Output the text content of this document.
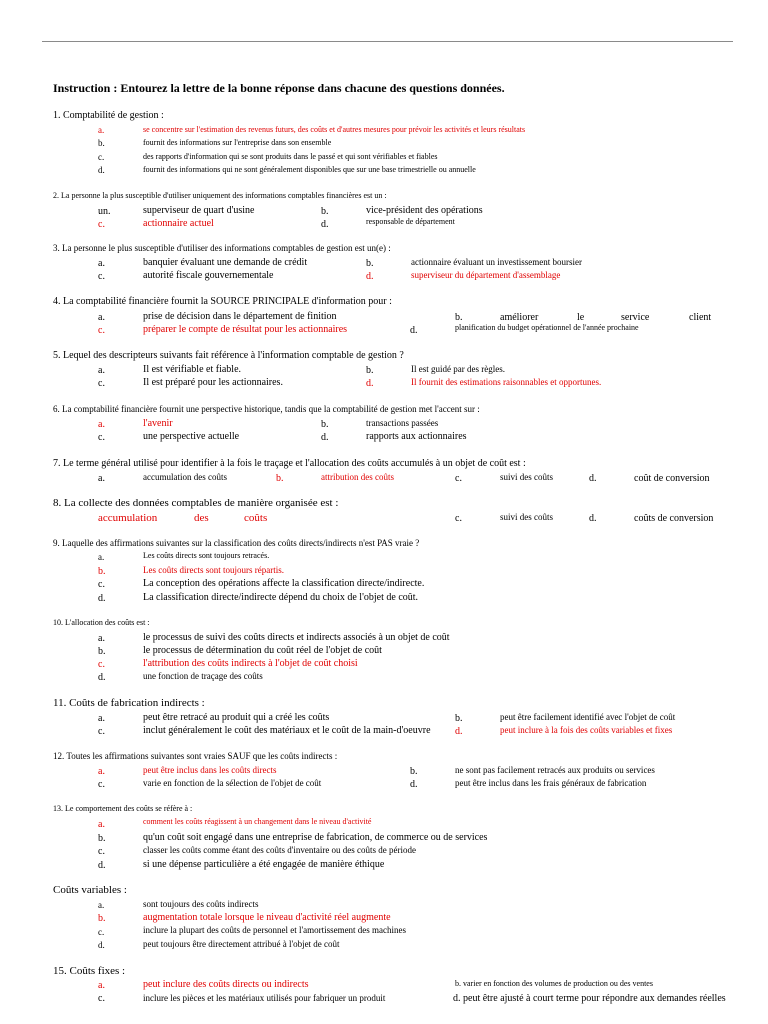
Instruction : Entourez la lettre de la bonne réponse dans chacune des questions données.
1. Comptabilité de gestion :
a.	se concentre sur l'estimation des revenus futurs, des coûts et d'autres mesures pour prévoir les activités et leurs résultats
b.	fournit des informations sur l'entreprise dans son ensemble
c.	des rapports d'information qui se sont produits dans le passé et qui sont vérifiables et fiables
d.	fournit des informations qui ne sont généralement disponibles que sur une base trimestrielle ou annuelle
2. La personne la plus susceptible d'utiliser uniquement des informations comptables financières est un :
un.	superviseur de quart d'usine	b.	vice-président des opérations
c.	actionnaire actuel	d.	responsable de département
3. La personne le plus susceptible d'utiliser des informations comptables de gestion est un(e) :
a.	banquier évaluant une demande de crédit	b.	actionnaire évaluant un investissement boursier
c.	autorité fiscale gouvernementale	d.	superviseur du département d'assemblage
4. La comptabilité financière fournit la SOURCE PRINCIPALE d'information pour :
a.	prise de décision dans le département de finition	b.	améliorer	le	service	client
c.	préparer le compte de résultat pour les actionnaires	d.	planification du budget opérationnel de l'année prochaine
5. Lequel des descripteurs suivants fait référence à l'information comptable de gestion ?
a.	Il est vérifiable et fiable.	b.	Il est guidé par des règles.
c.	Il est préparé pour les actionnaires.	d.	Il fournit des estimations raisonnables et opportunes.
6. La comptabilité financière fournit une perspective historique, tandis que la comptabilité de gestion met l'accent sur :
a.	l'avenir	b.	transactions passées
c.	une perspective actuelle	d.	rapports aux actionnaires
7. Le terme général utilisé pour identifier à la fois le traçage et l'allocation des coûts accumulés à un objet de coût est :
a.	accumulation des coûts	b.	attribution des coûts	c.	suivi des coûts	d.	coût de conversion
8. La collecte des données comptables de manière organisée est :
accumulation	des	coûts	c.	suivi des coûts	d.	coûts de conversion
9. Laquelle des affirmations suivantes sur la classification des coûts directs/indirects n'est PAS vraie ?
a.	Les coûts directs sont toujours retracés.
b.	Les coûts directs sont toujours répartis.
c.	La conception des opérations affecte la classification directe/indirecte.
d.	La classification directe/indirecte dépend du choix de l'objet de coût.
10. L'allocation des coûts est :
a.	le processus de suivi des coûts directs et indirects associés à un objet de coût
b.	le processus de détermination du coût réel de l'objet de coût
c.	l'attribution des coûts indirects à l'objet de coût choisi
d.	une fonction de traçage des coûts
11. Coûts de fabrication indirects :
a.	peut être retracé au produit qui a créé les coûts	b.	peut être facilement identifié avec l'objet de coût
c.	inclut généralement le coût des matériaux et le coût de la main-d'oeuvre d.	peut inclure à la fois des coûts variables et fixes
12. Toutes les affirmations suivantes sont vraies SAUF que les coûts indirects :
a.	peut être inclus dans les coûts directs	b.	ne sont pas facilement retracés aux produits ou services
c.	varie en fonction de la sélection de l'objet de coût	d.	peut être inclus dans les frais généraux de fabrication
13. Le comportement des coûts se réfère à :
a.	comment les coûts réagissent à un changement dans le niveau d'activité
b.	qu'un coût soit engagé dans une entreprise de fabrication, de commerce ou de services
c.	classer les coûts comme étant des coûts d'inventaire ou des coûts de période
d.	si une dépense particulière a été engagée de manière éthique
Coûts variables :
a.	sont toujours des coûts indirects
b.	augmentation totale lorsque le niveau d'activité réel augmente
c.	inclure la plupart des coûts de personnel et l'amortissement des machines
d.	peut toujours être directement attribué à l'objet de coût
15. Coûts fixes :
a.	peut inclure des coûts directs ou indirects	b. varier en fonction des volumes de production ou des ventes
c.	inclure les pièces et les matériaux utilisés pour fabriquer un produit	d. peut être ajusté à court terme pour répondre aux demandes réelles
